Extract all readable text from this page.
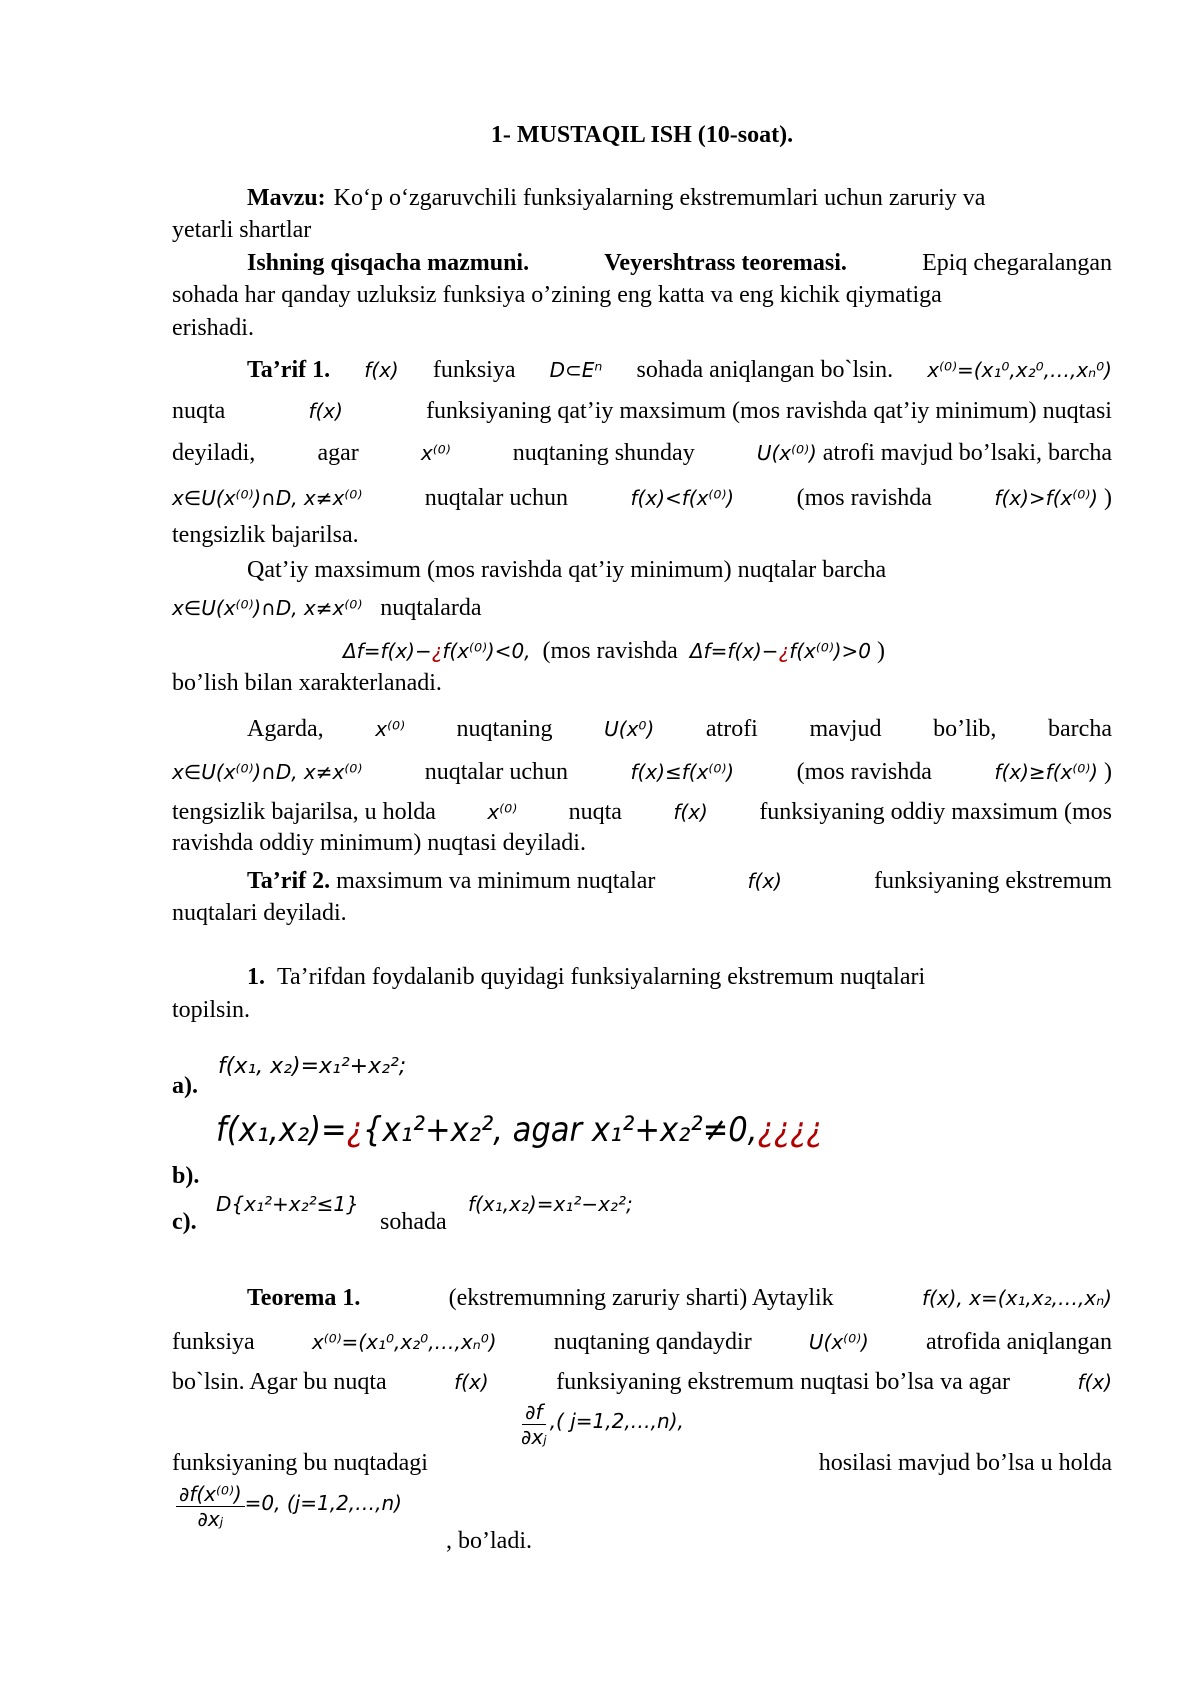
1- MUSTAQIL ISH (10-soat).
Mavzu: Ko‘p o‘zgaruvchili funksiyalarning ekstremumlari uchun zaruriy va
yetarli shartlar
Ishning qisqacha mazmuni.	Veyershtrass teoremasi.	Epiq chegaralangan
sohada har qanday uzluksiz funksiya o’zining eng katta va eng kichik qiymatiga
erishadi.
Ta’rif 1. f(x) funksiya D⊂Eⁿ sohada aniqlangan bo`lsin. x⁽⁰⁾=(x₁⁰,x₂⁰,…,xₙ⁰)
nuqta	f(x)	funksiyaning qat’iy maxsimum (mos ravishda qat’iy minimum) nuqtasi
deyiladi,	agar	x⁽⁰⁾	nuqtaning shunday	U(x⁽⁰⁾) atrofi mavjud bo’lsaki, barcha
x∈U(x⁽⁰⁾)∩D, x≠x⁽⁰⁾	nuqtalar uchun	f(x)<f(x⁽⁰⁾)	(mos ravishda	f(x)>f(x⁽⁰⁾) )
tengsizlik bajarilsa.
Qat’iy maxsimum (mos ravishda qat’iy minimum) nuqtalar barcha
x∈U(x⁽⁰⁾)∩D, x≠x⁽⁰⁾ nuqtalarda
Δf=f(x)−¿f(x⁽⁰⁾)<0, (mos ravishda Δf=f(x)−¿f(x⁽⁰⁾)>0 )
bo’lish bilan xarakterlanadi.
Agarda,	x⁽⁰⁾ nuqtaning	U(x⁰) atrofi mavjud bo’lib, barcha
x∈U(x⁽⁰⁾)∩D, x≠x⁽⁰⁾	nuqtalar uchun	f(x)≤f(x⁽⁰⁾)	(mos ravishda	f(x)≥f(x⁽⁰⁾) )
tengsizlik bajarilsa, u holda	x⁽⁰⁾ nuqta	f(x) funksiyaning oddiy maxsimum (mos
ravishda oddiy minimum) nuqtasi deyiladi.
Ta’rif 2. maxsimum va minimum nuqtalar	f(x)	funksiyaning ekstremum
nuqtalari deyiladi.
1. Ta’rifdan foydalanib quyidagi funksiyalarning ekstremum nuqtalari
topilsin.
f(x₁, x₂)=x₁²+x₂²;
a).
f(x₁,x₂)=¿{x₁²+x₂², agar x₁²+x₂²≠0,¿¿¿¿
b).
D{x₁²+x₂²≤1}	f(x₁,x₂)=x₁²−x₂²;
c).	sohada
Teorema 1.	(ekstremumning zaruriy sharti) Aytaylik	f(x), x=(x₁,x₂,…,xₙ)
funksiya	x⁽⁰⁾=(x₁⁰,x₂⁰,…,xₙ⁰) nuqtaning qandaydir	U(x⁽⁰⁾) atrofida aniqlangan
bo`lsin. Agar bu nuqta	f(x)	funksiyaning ekstremum nuqtasi bo’lsa va agar	f(x)
$\frac{\partial f}{\text{∂xⱼ}}$ ,( j=1,2,…,n),
funksiyaning bu nuqtadagi	hosilasi mavjud bo’lsa u holda
$\frac{\text{∂f(x⁽⁰⁾)}}{\text{∂xⱼ}} =0$, (j=1,2,…,n)
, bo’ladi.
